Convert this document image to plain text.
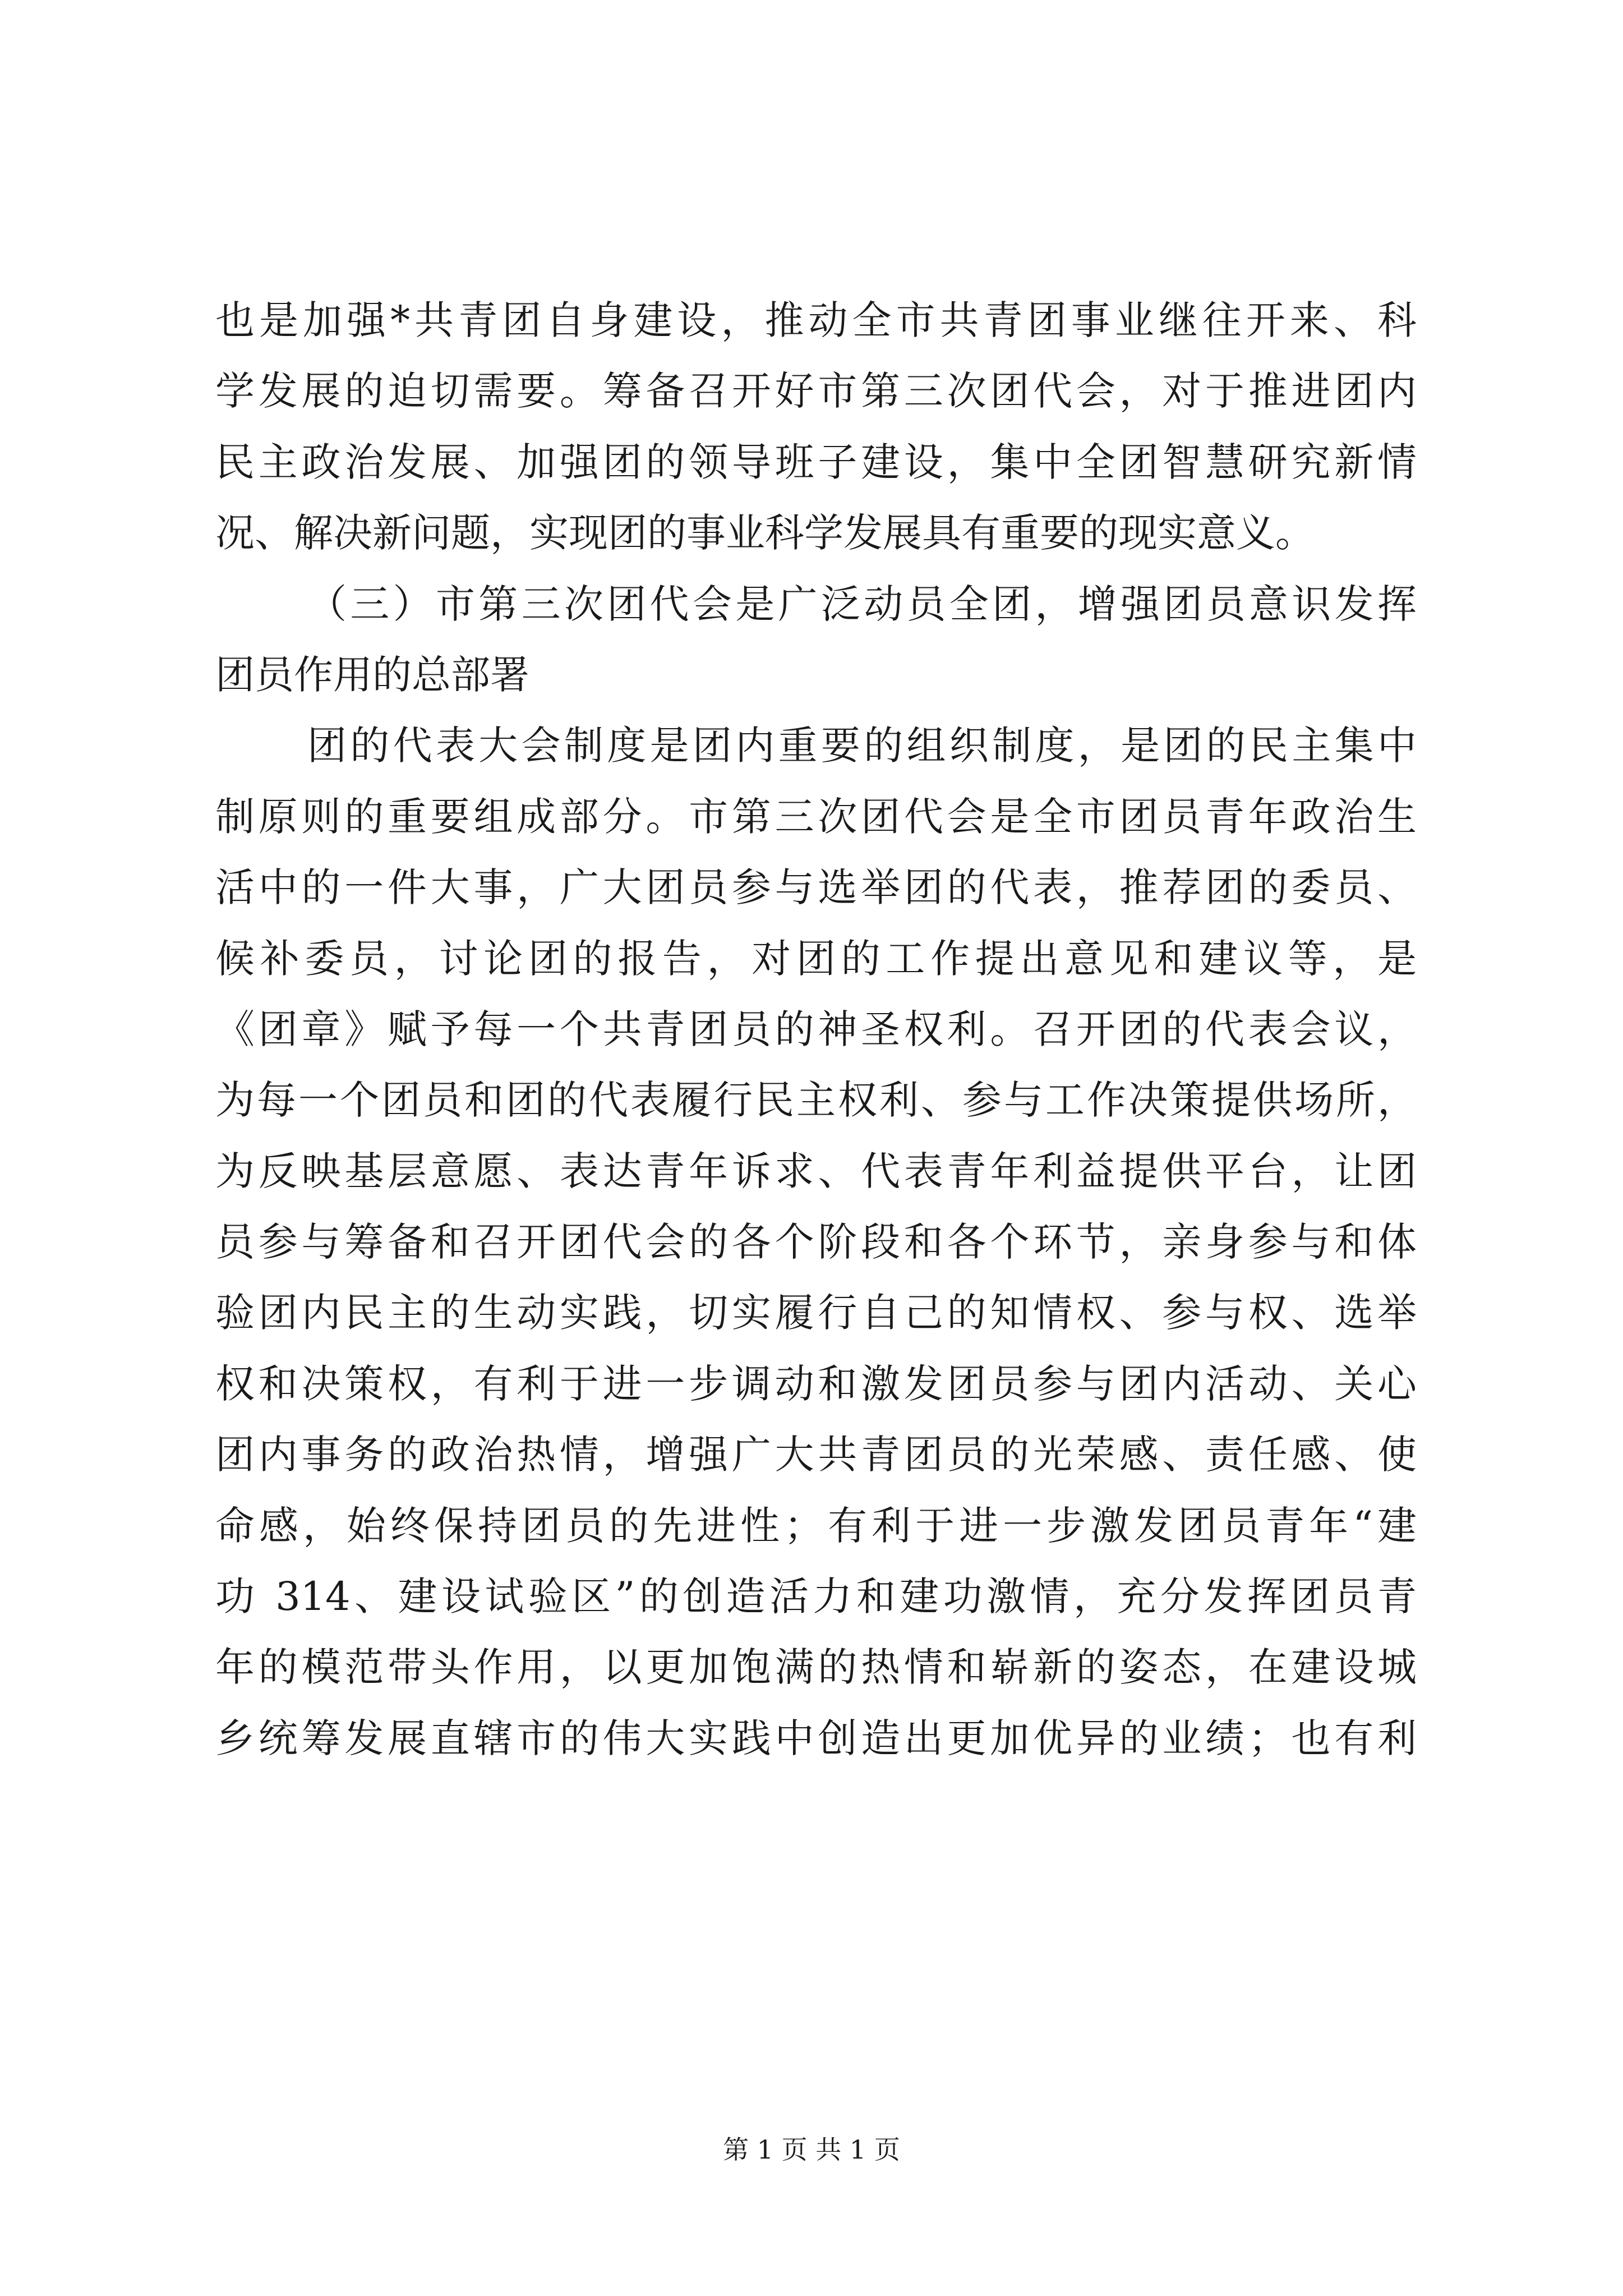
也是加强*共青团自身建设，推动全市共青团事业继往开来、科
学发展的迫切需要。筹备召开好市第三次团代会，对于推进团内
民主政治发展、加强团的领导班子建设，集中全团智慧研究新情
况、解决新问题，实现团的事业科学发展具有重要的现实意义。
（三）市第三次团代会是广泛动员全团，增强团员意识发挥
团员作用的总部署
团的代表大会制度是团内重要的组织制度，是团的民主集中
制原则的重要组成部分。市第三次团代会是全市团员青年政治生
活中的一件大事，广大团员参与选举团的代表，推荐团的委员、
候补委员，讨论团的报告，对团的工作提出意见和建议等，是
《团章》赋予每一个共青团员的神圣权利。召开团的代表会议，
为每一个团员和团的代表履行民主权利、参与工作决策提供场所，
为反映基层意愿、表达青年诉求、代表青年利益提供平台，让团
员参与筹备和召开团代会的各个阶段和各个环节，亲身参与和体
验团内民主的生动实践，切实履行自己的知情权、参与权、选举
权和决策权，有利于进一步调动和激发团员参与团内活动、关心
团内事务的政治热情，增强广大共青团员的光荣感、责任感、使
命感，始终保持团员的先进性；有利于进一步激发团员青年“建
功 314、建设试验区”的创造活力和建功激情，充分发挥团员青
年的模范带头作用，以更加饱满的热情和崭新的姿态，在建设城
乡统筹发展直辖市的伟大实践中创造出更加优异的业绩；也有利
第 1 页 共 1 页
